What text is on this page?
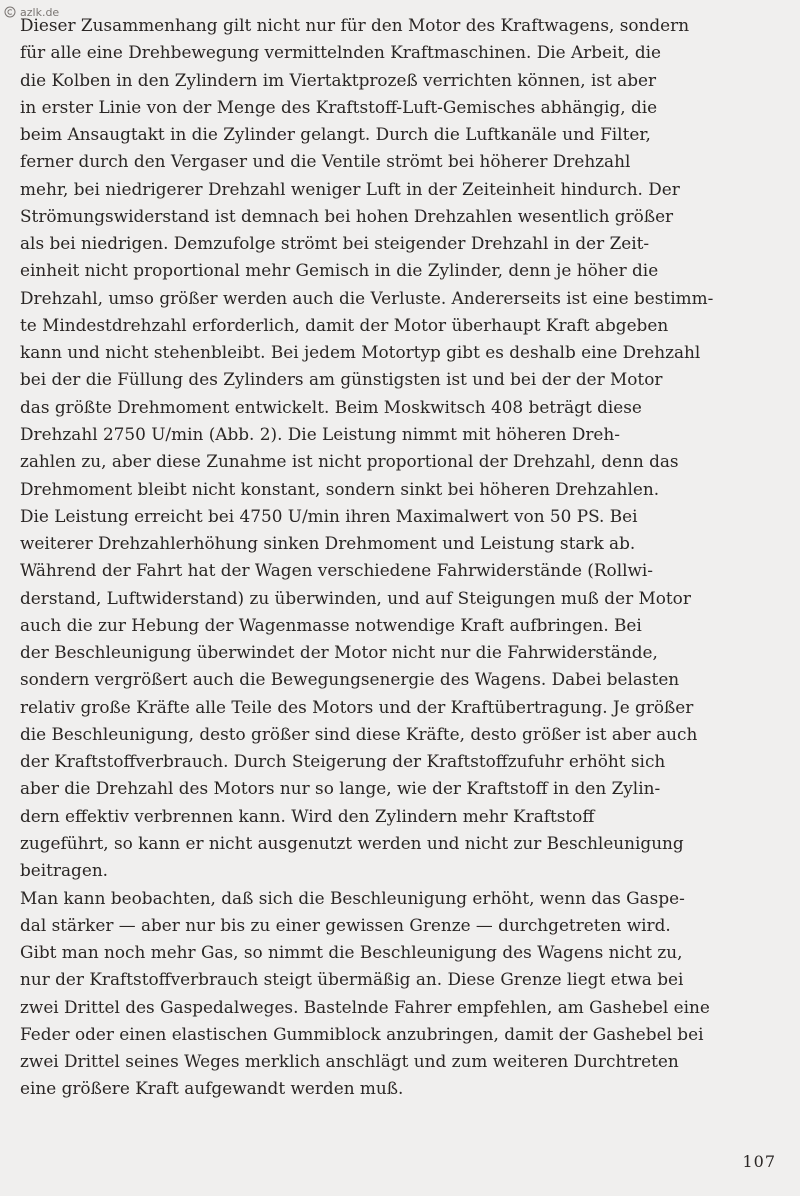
azlk.de
Dieser Zusammenhang gilt nicht nur für den Motor des Kraftwagens, sondern
für alle eine Drehbewegung vermittelnden Kraftmaschinen. Die Arbeit, die
die Kolben in den Zylindern im Viertaktprozeß verrichten können, ist aber
in erster Linie von der Menge des Kraftstoff-Luft-Gemisches abhängig, die
beim Ansaugtakt in die Zylinder gelangt. Durch die Luftkanäle und Filter,
ferner durch den Vergaser und die Ventile strömt bei höherer Drehzahl
mehr, bei niedrigerer Drehzahl weniger Luft in der Zeiteinheit hindurch. Der
Strömungswiderstand ist demnach bei hohen Drehzahlen wesentlich größer
als bei niedrigen. Demzufolge strömt bei steigender Drehzahl in der Zeit-
einheit nicht proportional mehr Gemisch in die Zylinder, denn je höher die
Drehzahl, umso größer werden auch die Verluste. Andererseits ist eine bestimm-
te Mindestdrehzahl erforderlich, damit der Motor überhaupt Kraft abgeben
kann und nicht stehenbleibt. Bei jedem Motortyp gibt es deshalb eine Drehzahl
bei der die Füllung des Zylinders am günstigsten ist und bei der der Motor
das größte Drehmoment entwickelt. Beim Moskwitsch 408 beträgt diese
Drehzahl 2750 U/min (Abb. 2). Die Leistung nimmt mit höheren Dreh-
zahlen zu, aber diese Zunahme ist nicht proportional der Drehzahl, denn das
Drehmoment bleibt nicht konstant, sondern sinkt bei höheren Drehzahlen.
Die Leistung erreicht bei 4750 U/min ihren Maximalwert von 50 PS. Bei
weiterer Drehzahlerhöhung sinken Drehmoment und Leistung stark ab.
Während der Fahrt hat der Wagen verschiedene Fahrwiderstände (Rollwi-
derstand, Luftwiderstand) zu überwinden, und auf Steigungen muß der Motor
auch die zur Hebung der Wagenmasse notwendige Kraft aufbringen. Bei
der Beschleunigung überwindet der Motor nicht nur die Fahrwiderstände,
sondern vergrößert auch die Bewegungsenergie des Wagens. Dabei belasten
relativ große Kräfte alle Teile des Motors und der Kraftübertragung. Je größer
die Beschleunigung, desto größer sind diese Kräfte, desto größer ist aber auch
der Kraftstoffverbrauch. Durch Steigerung der Kraftstoffzufuhr erhöht sich
aber die Drehzahl des Motors nur so lange, wie der Kraftstoff in den Zylin-
dern effektiv verbrennen kann. Wird den Zylindern mehr Kraftstoff
zugeführt, so kann er nicht ausgenutzt werden und nicht zur Beschleunigung
beitragen.
Man kann beobachten, daß sich die Beschleunigung erhöht, wenn das Gaspe-
dal stärker — aber nur bis zu einer gewissen Grenze — durchgetreten wird.
Gibt man noch mehr Gas, so nimmt die Beschleunigung des Wagens nicht zu,
nur der Kraftstoffverbrauch steigt übermäßig an. Diese Grenze liegt etwa bei
zwei Drittel des Gaspedalweges. Bastelnde Fahrer empfehlen, am Gashebel eine
Feder oder einen elastischen Gummiblock anzubringen, damit der Gashebel bei
zwei Drittel seines Weges merklich anschlägt und zum weiteren Durchtreten
eine größere Kraft aufgewandt werden muß.
107
